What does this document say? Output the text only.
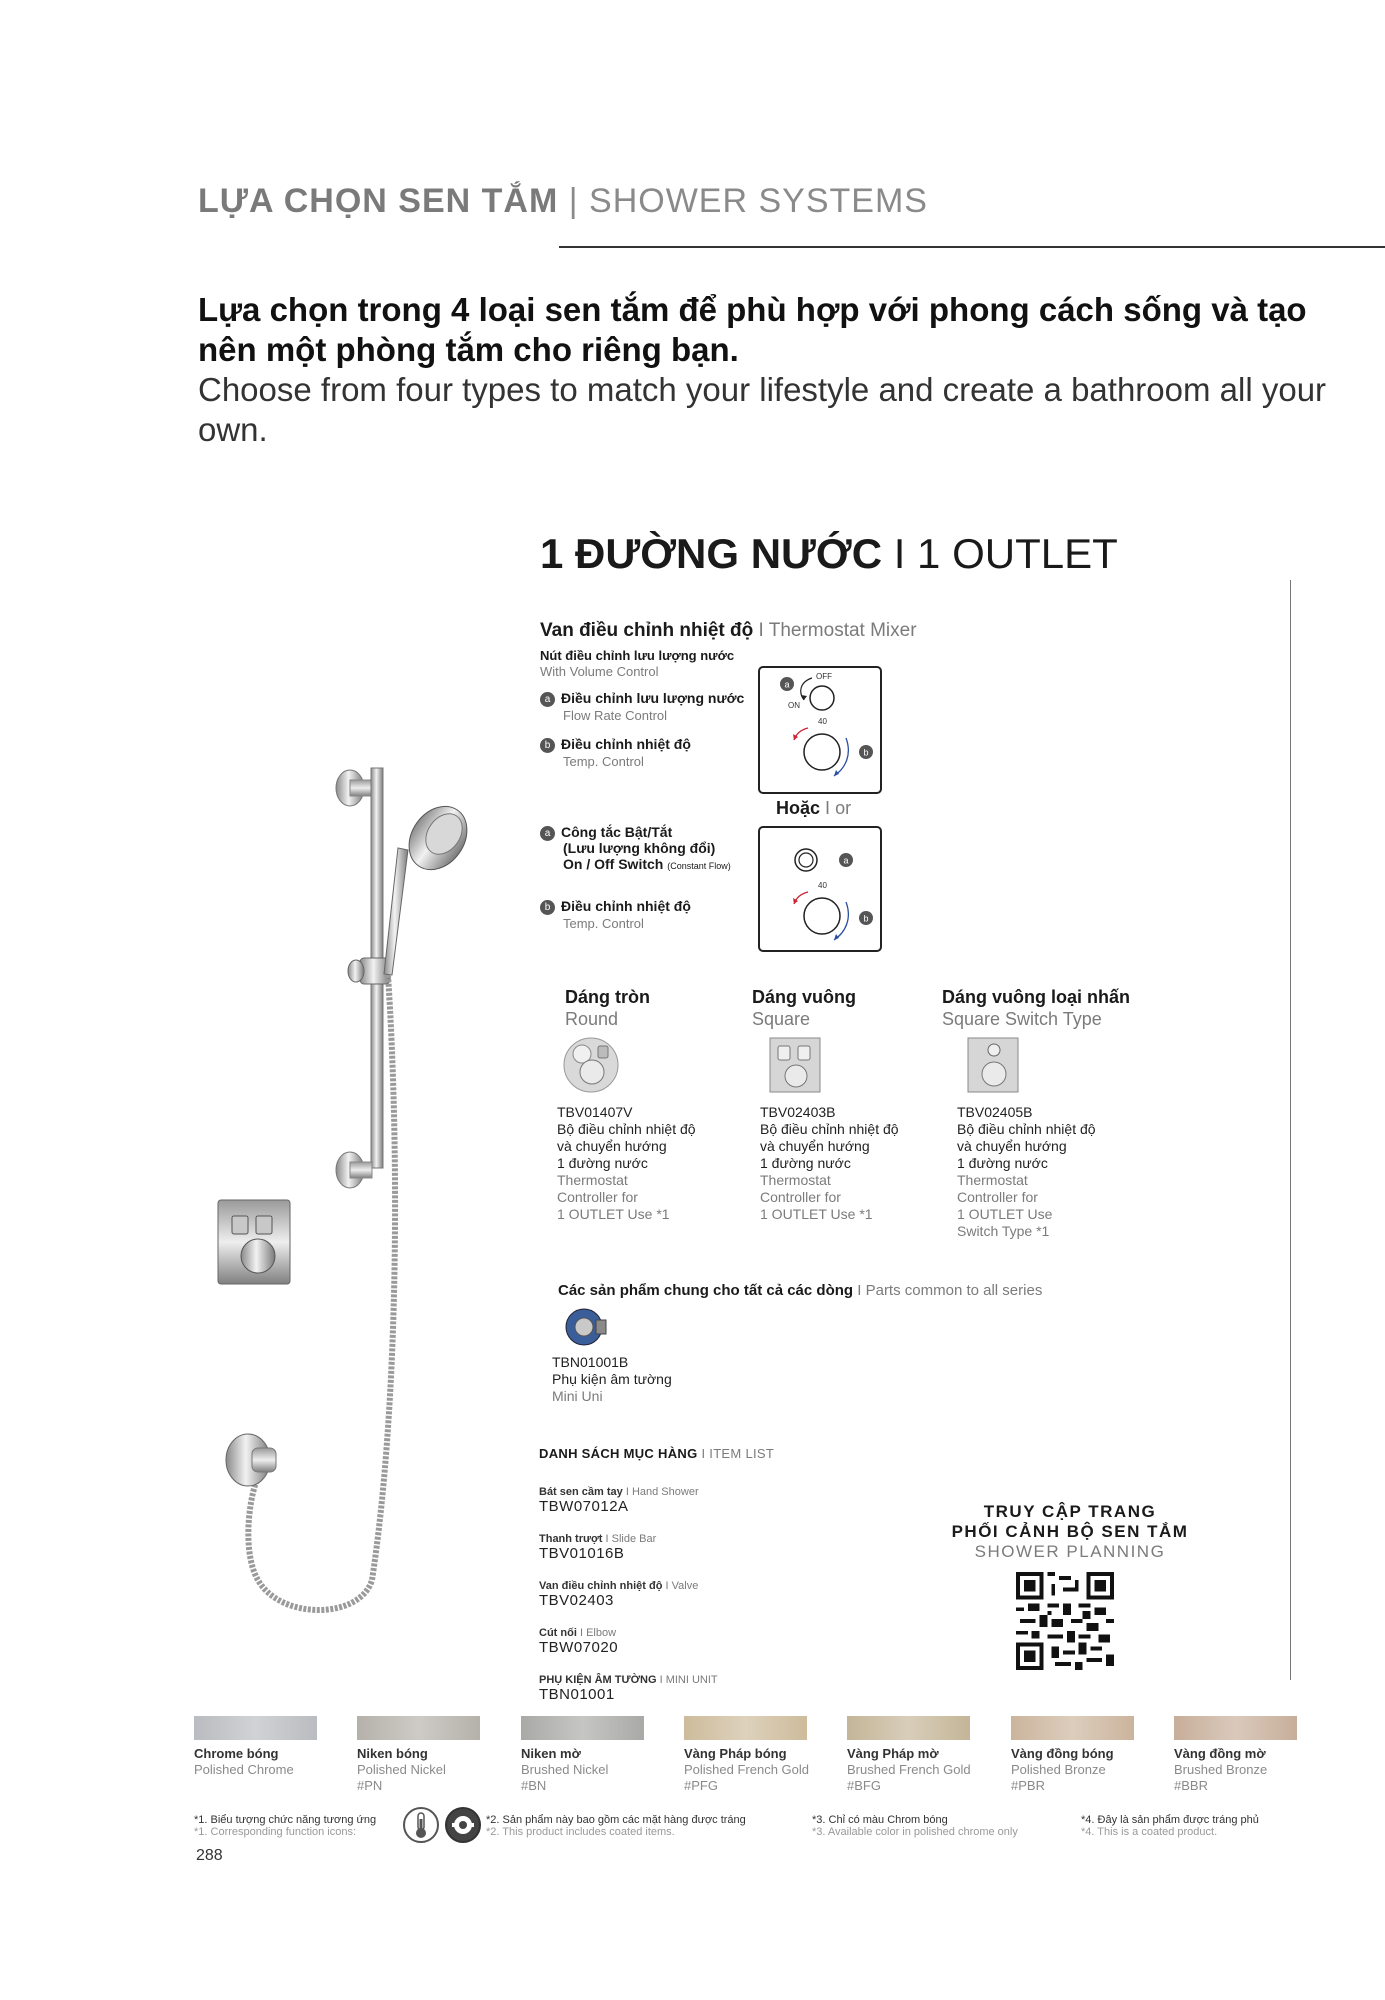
LỰA CHỌN SEN TẮM | SHOWER SYSTEMS
Lựa chọn trong 4 loại sen tắm để phù hợp với phong cách sống và tạo nên một phòng tắm cho riêng bạn.
Choose from four types to match your lifestyle and create a bathroom all your own.
1 ĐƯỜNG NƯỚC I 1 OUTLET
Van điều chỉnh nhiệt độ I Thermostat Mixer
Nút điều chỉnh lưu lượng nước
With Volume Control
a Điều chỉnh lưu lượng nước
Flow Rate Control
b Điều chỉnh nhiệt độ
Temp. Control
a
OFF
ON
40
b
Hoặc I or
a Công tắc Bật/Tắt
(Lưu lượng không đổi)
On / Off Switch (Constant Flow)
b Điều chỉnh nhiệt độ
Temp. Control
a
40
b
Dáng tròn
Round
TBV01407V
Bộ điều chỉnh nhiệt độ
và chuyển hướng
1 đường nước
Thermostat
Controller for
1 OUTLET Use *1
Dáng vuông
Square
TBV02403B
Bộ điều chỉnh nhiệt độ
và chuyển hướng
1 đường nước
Thermostat
Controller for
1 OUTLET Use *1
Dáng vuông loại nhấn
Square Switch Type
TBV02405B
Bộ điều chỉnh nhiệt độ
và chuyển hướng
1 đường nước
Thermostat
Controller for
1 OUTLET Use
Switch Type *1
Các sản phẩm chung cho tất cả các dòng I Parts common to all series
TBN01001B
Phụ kiện âm tường
Mini Uni
DANH SÁCH MỤC HÀNG I ITEM LIST
Bát sen cầm tay I Hand Shower
TBW07012A
Thanh trượt I Slide Bar
TBV01016B
Van điều chỉnh nhiệt độ I Valve
TBV02403
Cút nối I Elbow
TBW07020
PHỤ KIỆN ÂM TƯỜNG I MINI UNIT
TBN01001
TRUY CẬP TRANG
PHỐI CẢNH BỘ SEN TẮM
SHOWER PLANNING
Chrome bóng
Polished Chrome
Niken bóng
Polished Nickel
#PN
Niken mờ
Brushed Nickel
#BN
Vàng Pháp bóng
Polished French Gold
#PFG
Vàng Pháp mờ
Brushed French Gold
#BFG
Vàng đồng bóng
Polished Bronze
#PBR
Vàng đồng mờ
Brushed Bronze
#BBR
*1. Biểu tượng chức năng tương ứng
*1. Corresponding function icons:
*2. Sản phẩm này bao gồm các mặt hàng được tráng
*2. This product includes coated items.
*3. Chỉ có màu Chrom bóng
*3. Available color in polished chrome only
*4. Đây là sản phẩm được tráng phủ
*4. This is a coated product.
288
